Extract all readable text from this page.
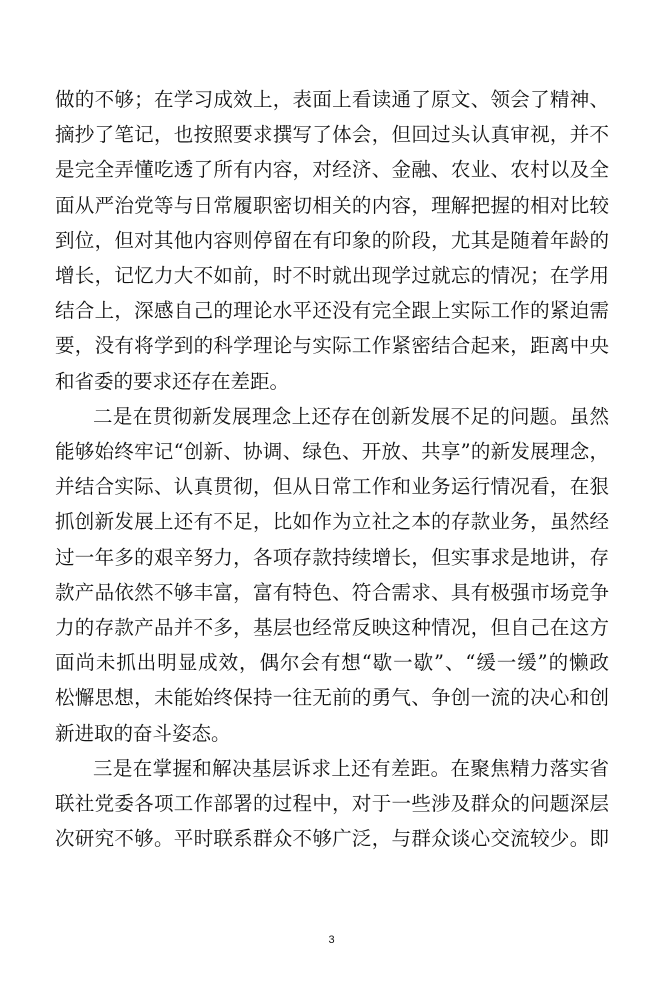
做的不够；在学习成效上，表面上看读通了原文、领会了精神、
摘抄了笔记，也按照要求撰写了体会，但回过头认真审视，并不
是完全弄懂吃透了所有内容，对经济、金融、农业、农村以及全
面从严治党等与日常履职密切相关的内容，理解把握的相对比较
到位，但对其他内容则停留在有印象的阶段，尤其是随着年龄的
增长，记忆力大不如前，时不时就出现学过就忘的情况；在学用
结合上，深感自己的理论水平还没有完全跟上实际工作的紧迫需
要，没有将学到的科学理论与实际工作紧密结合起来，距离中央
和省委的要求还存在差距。
二是在贯彻新发展理念上还存在创新发展不足的问题。虽然
能够始终牢记“创新、协调、绿色、开放、共享”的新发展理念，
并结合实际、认真贯彻，但从日常工作和业务运行情况看，在狠
抓创新发展上还有不足，比如作为立社之本的存款业务，虽然经
过一年多的艰辛努力，各项存款持续增长，但实事求是地讲，存
款产品依然不够丰富，富有特色、符合需求、具有极强市场竞争
力的存款产品并不多，基层也经常反映这种情况，但自己在这方
面尚未抓出明显成效，偶尔会有想“歇一歇”、“缓一缓”的懒政
松懈思想，未能始终保持一往无前的勇气、争创一流的决心和创
新进取的奋斗姿态。
三是在掌握和解决基层诉求上还有差距。在聚焦精力落实省
联社党委各项工作部署的过程中，对于一些涉及群众的问题深层
次研究不够。平时联系群众不够广泛，与群众谈心交流较少。即
3
